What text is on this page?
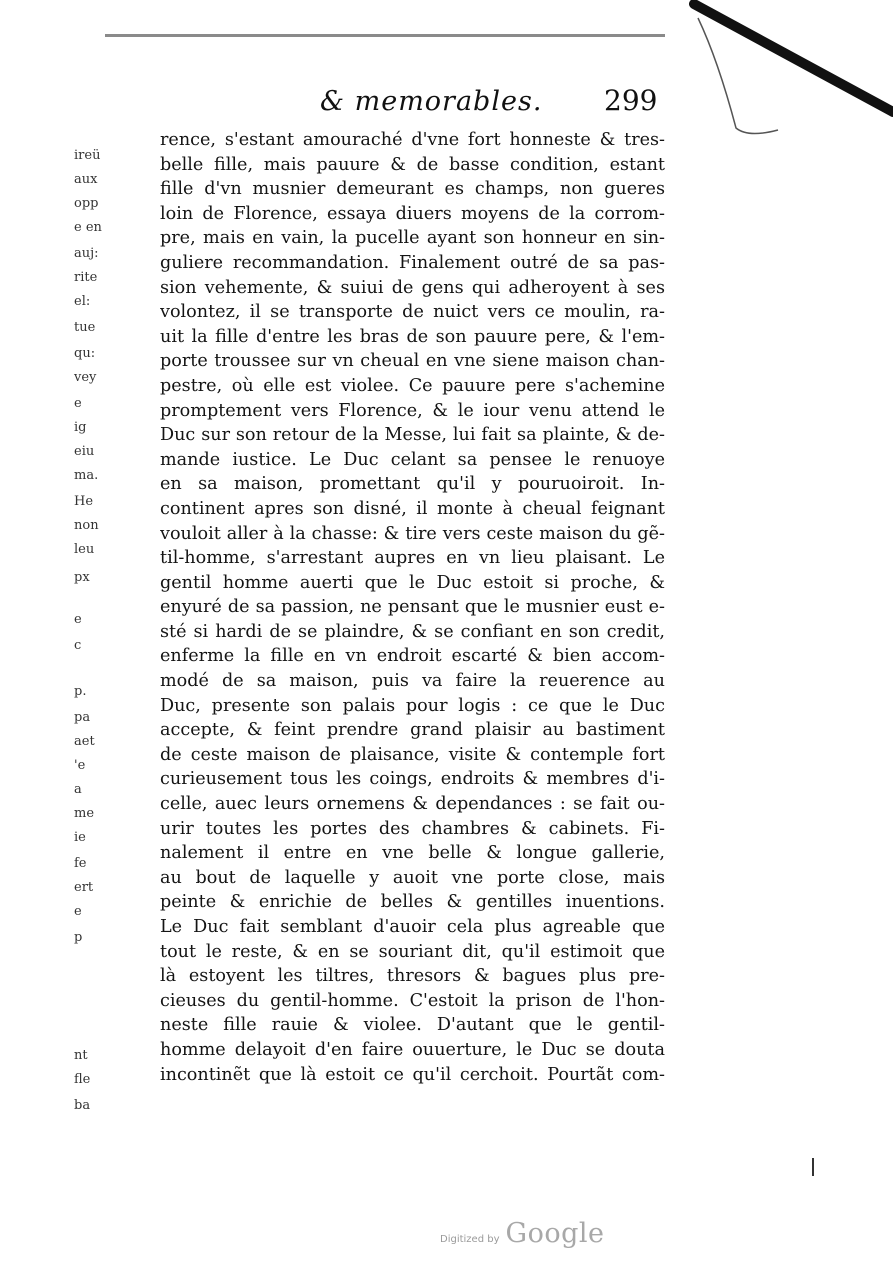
& memorables. 299
rence, s'estant amouraché d'vne fort honneste & tres-
belle fille, mais pauure & de basse condition, estant
fille d'vn musnier demeurant es champs, non gueres
loin de Florence, essaya diuers moyens de la corrom-
pre, mais en vain, la pucelle ayant son honneur en sin-
guliere recommandation. Finalement outré de sa pas-
sion vehemente, & suiui de gens qui adheroyent à ses
volontez, il se transporte de nuict vers ce moulin, ra-
uit la fille d'entre les bras de son pauure pere, & l'em-
porte troussee sur vn cheual en vne siene maison chan-
pestre, où elle est violee. Ce pauure pere s'achemine
promptement vers Florence, & le iour venu attend le
Duc sur son retour de la Messe, lui fait sa plainte, & de-
mande iustice. Le Duc celant sa pensee le renuoye
en sa maison, promettant qu'il y pouruoiroit. In-
continent apres son disné, il monte à cheual feignant
vouloit aller à la chasse: & tire vers ceste maison du gẽ-
til-homme, s'arrestant aupres en vn lieu plaisant. Le
gentil homme auerti que le Duc estoit si proche, &
enyuré de sa passion, ne pensant que le musnier eust e-
sté si hardi de se plaindre, & se confiant en son credit,
enferme la fille en vn endroit escarté & bien accom-
modé de sa maison, puis va faire la reuerence au
Duc, presente son palais pour logis : ce que le Duc
accepte, & feint prendre grand plaisir au bastiment
de ceste maison de plaisance, visite & contemple fort
curieusement tous les coings, endroits & membres d'i-
celle, auec leurs ornemens & dependances : se fait ou-
urir toutes les portes des chambres & cabinets. Fi-
nalement il entre en vne belle & longue gallerie,
au bout de laquelle y auoit vne porte close, mais
peinte & enrichie de belles & gentilles inuentions.
Le Duc fait semblant d'auoir cela plus agreable que
tout le reste, & en se souriant dit, qu'il estimoit que
là estoyent les tiltres, thresors & bagues plus pre-
cieuses du gentil-homme. C'estoit la prison de l'hon-
neste fille rauie & violee. D'autant que le gentil-
homme delayoit d'en faire ouuerture, le Duc se douta
incontinẽt que là estoit ce qu'il cerchoit. Pourtãt com-
ireü
aux
opp
e en
auj:
rite
el:
tue
qu:
vey
e
ig
eiu
ma.
He
non
leu
px
e
c
p.
pa
aet
'e
a
me
ie
fe
ert
e
p
nt
fle
ba
Digitized by Google
